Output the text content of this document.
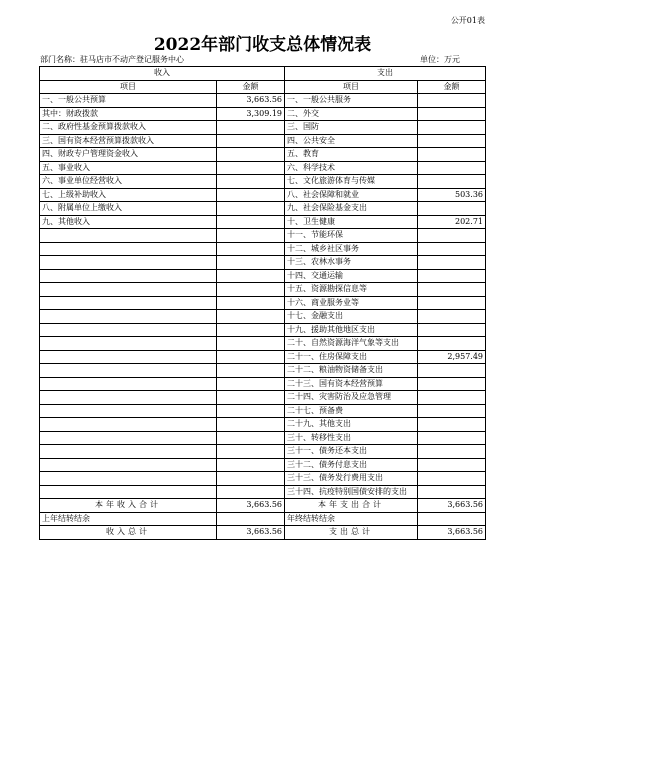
公开01表
2022年部门收支总体情况表
部门名称：驻马店市不动产登记服务中心	单位：万元
收入		支出	
项目	金额	项目	金额
一、一般公共预算	3,663.56	一、一般公共服务	
其中：财政拨款	3,309.19	二、外交	
二、政府性基金预算拨款收入		三、国防	
三、国有资本经营预算拨款收入		四、公共安全	
四、财政专户管理资金收入		五、教育	
五、事业收入		六、科学技术	
六、事业单位经营收入		七、文化旅游体育与传媒	
七、上级补助收入		八、社会保障和就业	503.36
八、附属单位上缴收入		九、社会保险基金支出	
九、其他收入		十、卫生健康	202.71
		十一、节能环保	
		十二、城乡社区事务	
		十三、农林水事务	
		十四、交通运输	
		十五、资源勘探信息等	
		十六、商业服务业等	
		十七、金融支出	
		十九、援助其他地区支出	
		二十、自然资源海洋气象等支出	
		二十一、住房保障支出	2,957.49
		二十二、粮油物资储备支出	
		二十三、国有资本经营预算	
		二十四、灾害防治及应急管理	
		二十七、预备费	
		二十九、其他支出	
		三十、转移性支出	
		三十一、债务还本支出	
		三十二、债务付息支出	
		三十三、债务发行费用支出	
		三十四、抗疫特别国债安排的支出	
本年收入合计	3,663.56	本年支出合计	3,663.56
上年结转结余		年终结转结余	
收入总计	3,663.56	支出总计	3,663.56
